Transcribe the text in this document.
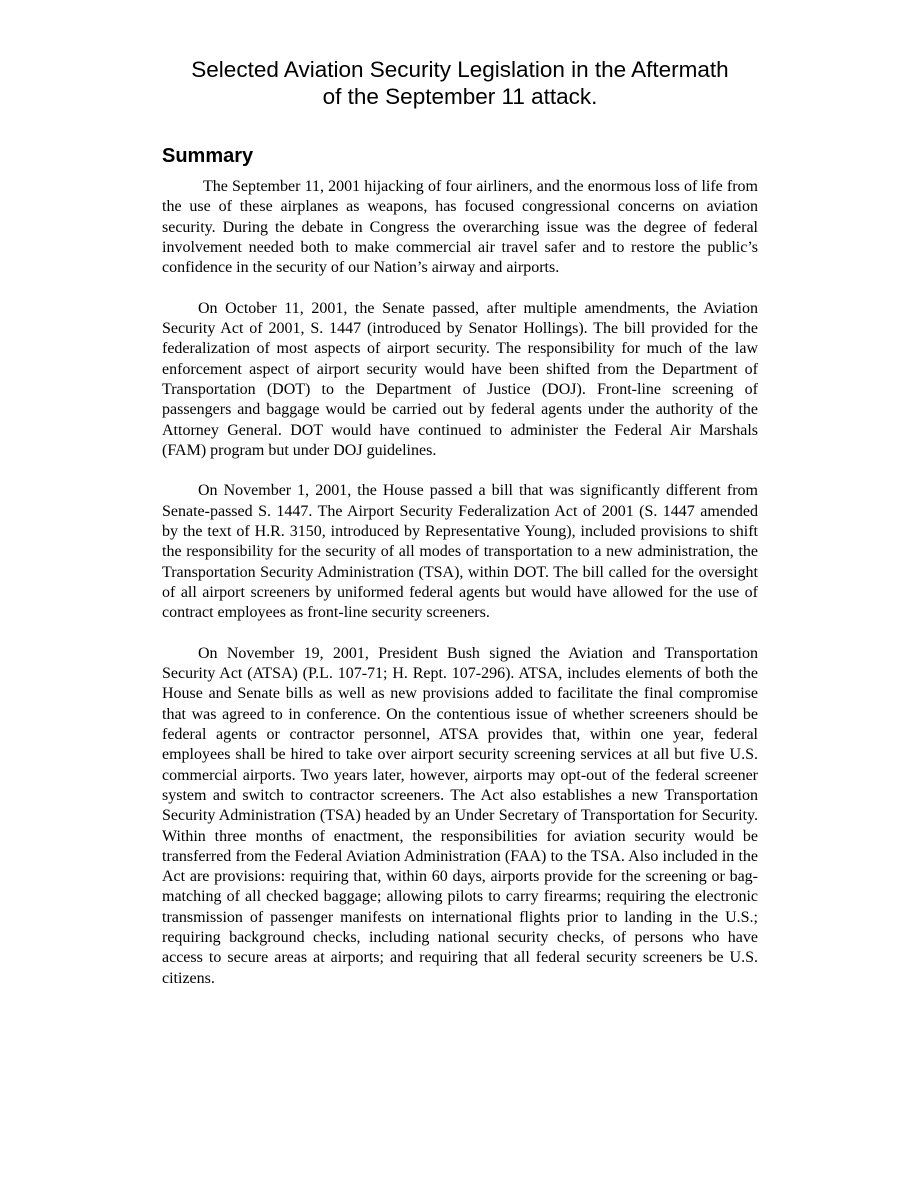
Selected Aviation Security Legislation in the Aftermath
of the September 11 attack.
Summary

The September 11, 2001 hijacking of four airliners, and the enormous loss of life from the use of these airplanes as weapons, has focused congressional concerns on aviation security. During the debate in Congress the overarching issue was the degree of federal involvement needed both to make commercial air travel safer and to restore the public’s confidence in the security of our Nation’s airway and airports.

On October 11, 2001, the Senate passed, after multiple amendments, the Aviation Security Act of 2001, S. 1447 (introduced by Senator Hollings). The bill provided for the federalization of most aspects of airport security. The responsibility for much of the law enforcement aspect of airport security would have been shifted from the Department of Transportation (DOT) to the Department of Justice (DOJ). Front-line screening of passengers and baggage would be carried out by federal agents under the authority of the Attorney General. DOT would have continued to administer the Federal Air Marshals (FAM) program but under DOJ guidelines.

On November 1, 2001, the House passed a bill that was significantly different from Senate-passed S. 1447. The Airport Security Federalization Act of 2001 (S. 1447 amended by the text of H.R. 3150, introduced by Representative Young), included provisions to shift the responsibility for the security of all modes of transportation to a new administration, the Transportation Security Administration (TSA), within DOT. The bill called for the oversight of all airport screeners by uniformed federal agents but would have allowed for the use of contract employees as front-line security screeners.

On November 19, 2001, President Bush signed the Aviation and Transportation Security Act (ATSA) (P.L. 107-71; H. Rept. 107-296). ATSA, includes elements of both the House and Senate bills as well as new provisions added to facilitate the final compromise that was agreed to in conference. On the contentious issue of whether screeners should be federal agents or contractor personnel, ATSA provides that, within one year, federal employees shall be hired to take over airport security screening services at all but five U.S. commercial airports. Two years later, however, airports may opt-out of the federal screener system and switch to contractor screeners. The Act also establishes a new Transportation Security Administration (TSA) headed by an Under Secretary of Transportation for Security. Within three months of enactment, the responsibilities for aviation security would be transferred from the Federal Aviation Administration (FAA) to the TSA. Also included in the Act are provisions: requiring that, within 60 days, airports provide for the screening or bag-matching of all checked baggage; allowing pilots to carry firearms; requiring the electronic transmission of passenger manifests on international flights prior to landing in the U.S.; requiring background checks, including national security checks, of persons who have access to secure areas at airports; and requiring that all federal security screeners be U.S. citizens.
